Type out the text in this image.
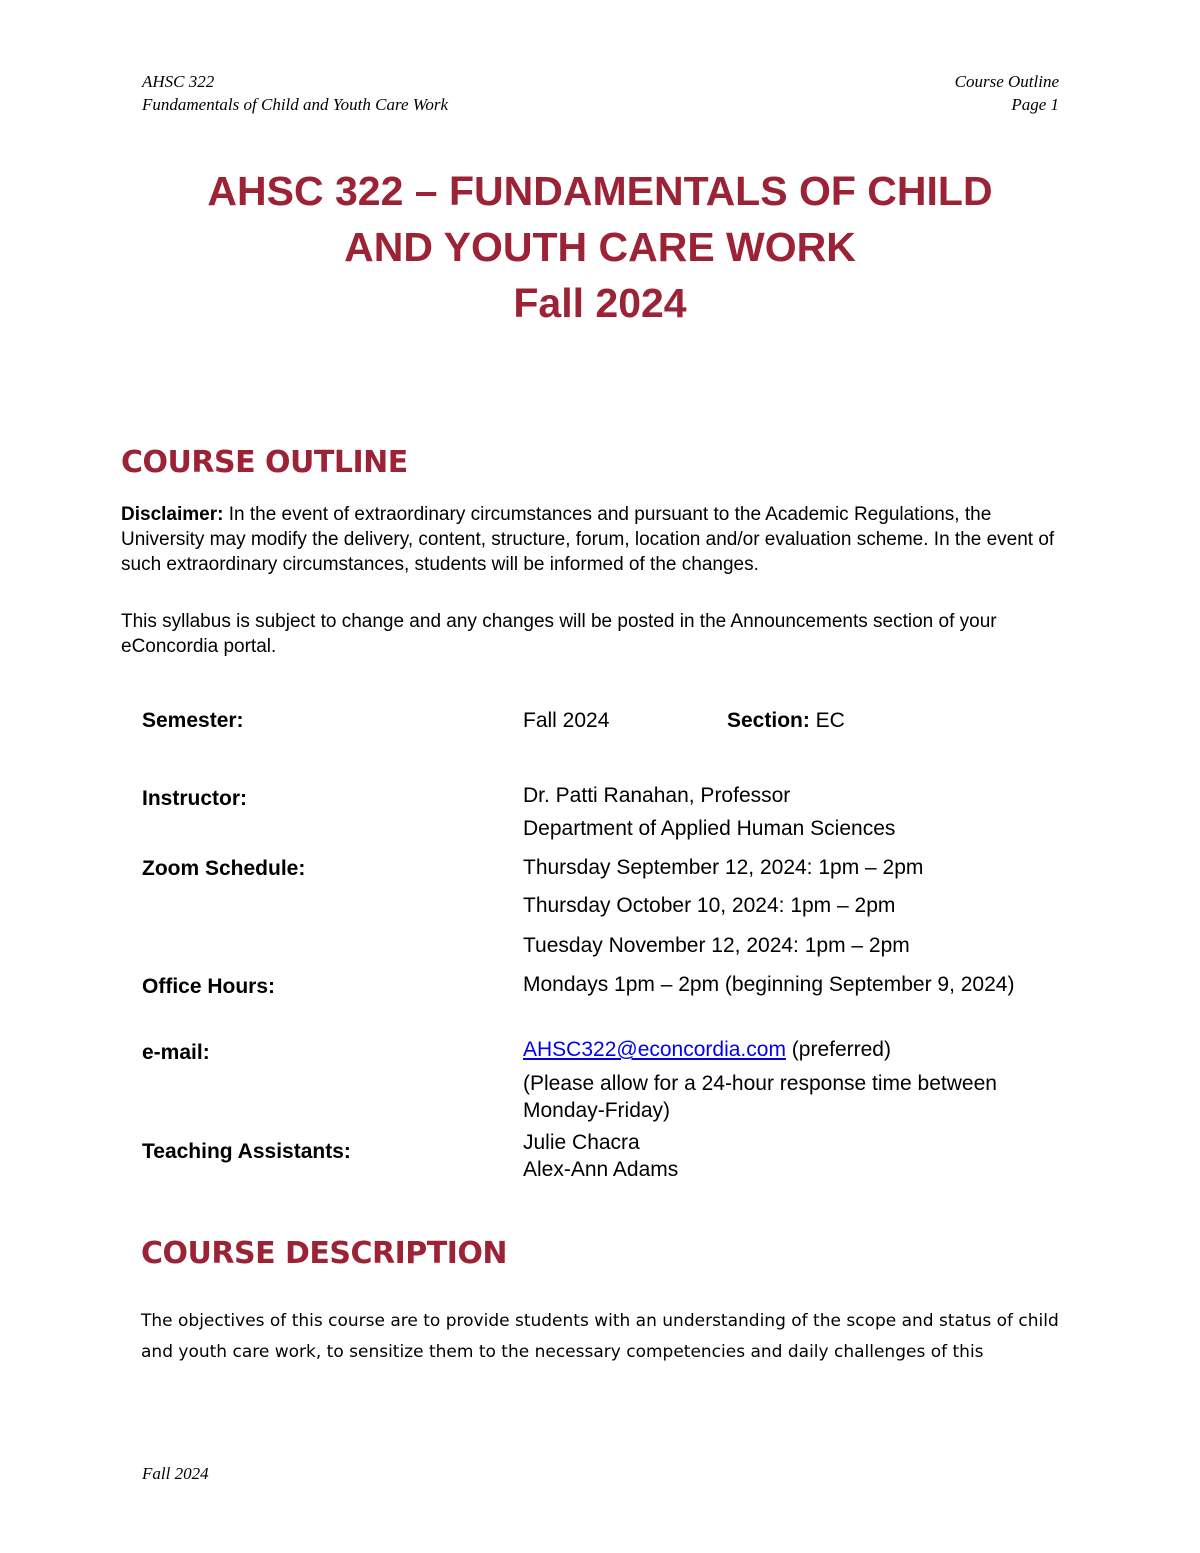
AHSC 322
Fundamentals of Child and Youth Care Work
Course Outline
Page 1
AHSC 322 – FUNDAMENTALS OF CHILD
AND YOUTH CARE WORK
Fall 2024
COURSE OUTLINE
Disclaimer: In the event of extraordinary circumstances and pursuant to the Academic Regulations, the University may modify the delivery, content, structure, forum, location and/or evaluation scheme. In the event of such extraordinary circumstances, students will be informed of the changes.
This syllabus is subject to change and any changes will be posted in the Announcements section of your eConcordia portal.
Semester:	Fall 2024	Section: EC
Instructor:	Dr. Patti Ranahan, Professor
Department of Applied Human Sciences
Zoom Schedule:	Thursday September 12, 2024: 1pm – 2pm
Thursday October 10, 2024: 1pm – 2pm
Tuesday November 12, 2024: 1pm – 2pm
Office Hours:	Mondays 1pm – 2pm (beginning September 9, 2024)
e-mail:	AHSC322@econcordia.com (preferred)
(Please allow for a 24-hour response time between Monday-Friday)
Teaching Assistants:	Julie Chacra
Alex-Ann Adams
COURSE DESCRIPTION
The objectives of this course are to provide students with an understanding of the scope and status of child and youth care work, to sensitize them to the necessary competencies and daily challenges of this
Fall 2024
